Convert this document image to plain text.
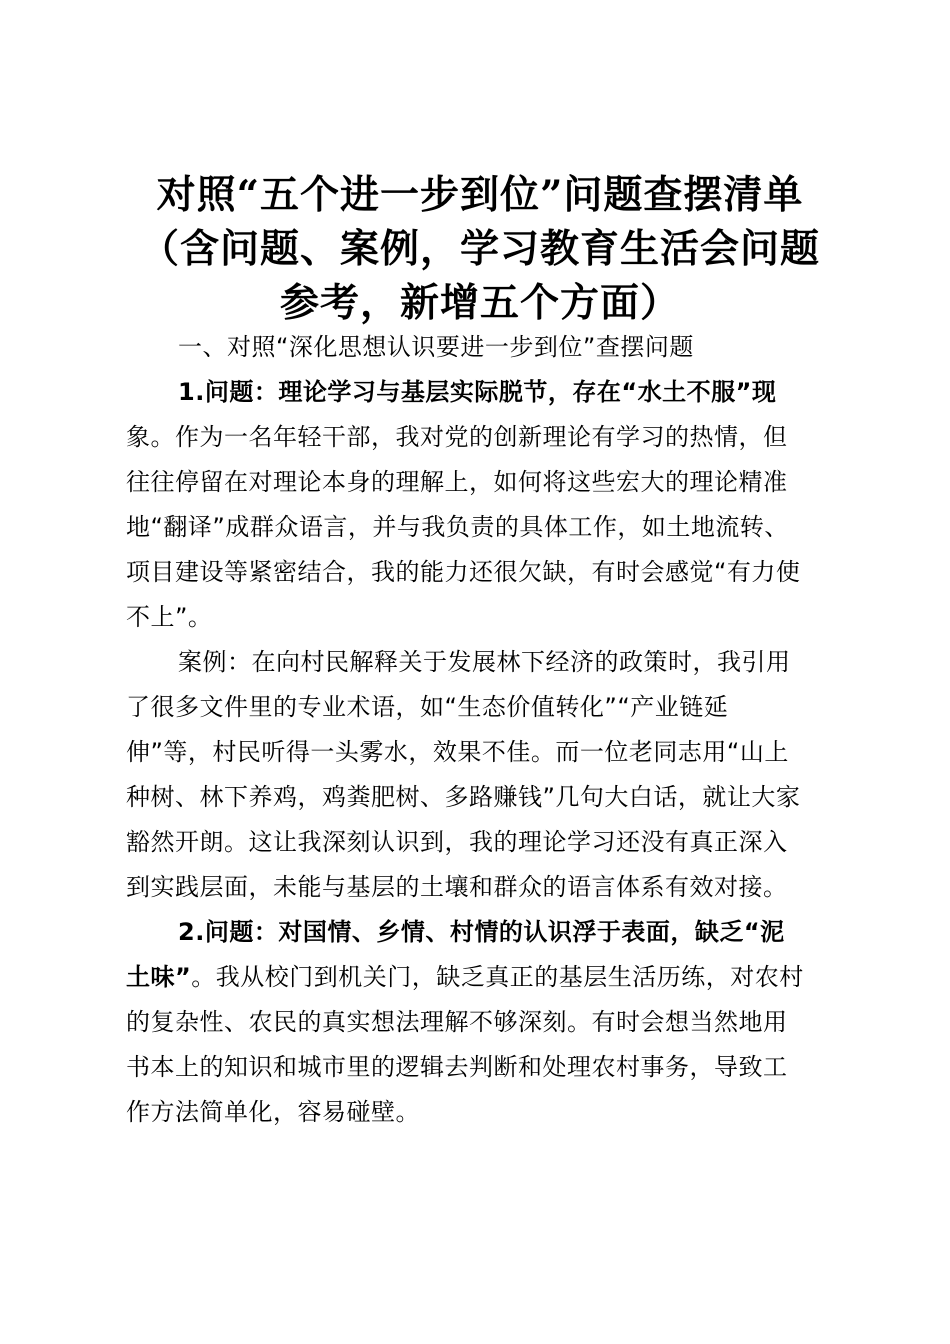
对照“五个进一步到位”问题查摆清单
（含问题、案例，学习教育生活会问题
参考，新增五个方面）

一、对照“深化思想认识要进一步到位”查摆问题

1.问题：理论学习与基层实际脱节，存在“水土不服”现
象。作为一名年轻干部，我对党的创新理论有学习的热情，但
往往停留在对理论本身的理解上，如何将这些宏大的理论精准
地“翻译”成群众语言，并与我负责的具体工作，如土地流转、
项目建设等紧密结合，我的能力还很欠缺，有时会感觉“有力使
不上”。

案例：在向村民解释关于发展林下经济的政策时，我引用
了很多文件里的专业术语，如“生态价值转化”“产业链延
伸”等，村民听得一头雾水，效果不佳。而一位老同志用“山上
种树、林下养鸡，鸡粪肥树、多路赚钱”几句大白话，就让大家
豁然开朗。这让我深刻认识到，我的理论学习还没有真正深入
到实践层面，未能与基层的土壤和群众的语言体系有效对接。

2.问题：对国情、乡情、村情的认识浮于表面，缺乏“泥
土味”。我从校门到机关门，缺乏真正的基层生活历练，对农村
的复杂性、农民的真实想法理解不够深刻。有时会想当然地用
书本上的知识和城市里的逻辑去判断和处理农村事务，导致工
作方法简单化，容易碰壁。
